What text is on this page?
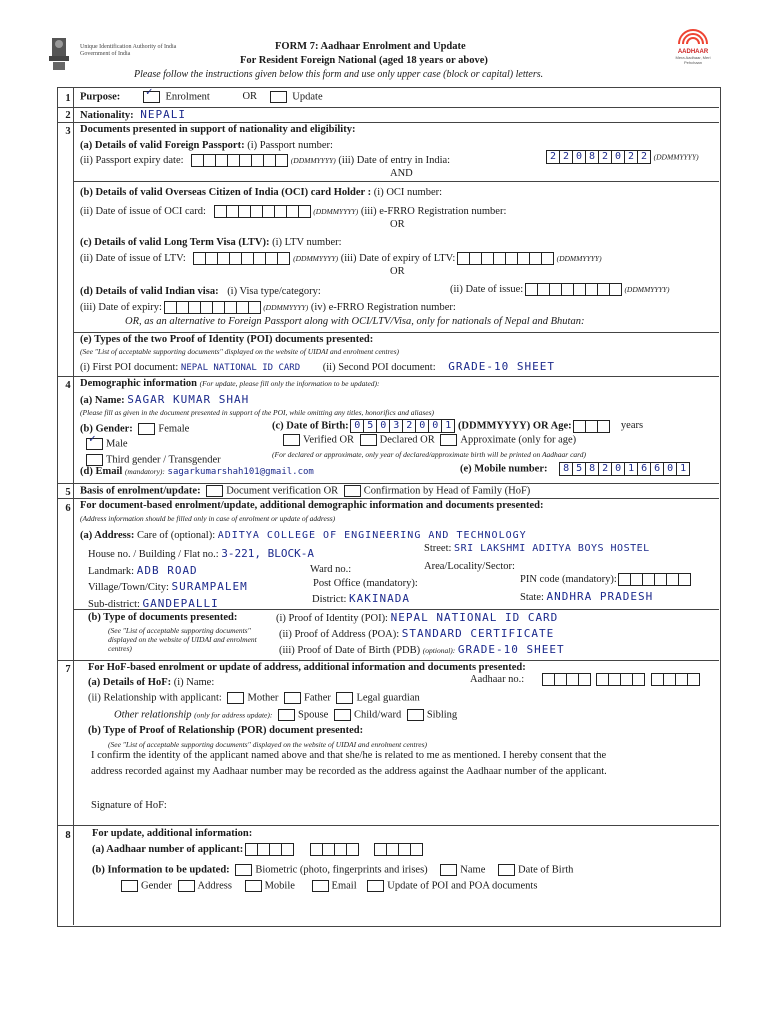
Unique Identification Authority of India
Government of India
FORM 7: Aadhaar Enrolment and Update
For Resident Foreign National (aged 18 years or above)
Please follow the instructions given below this form and use only upper case (block or capital) letters.
AADHAAR
Mera Aadhaar, Meri Pehchaan
1 Purpose: ✓ Enrolment	OR	Update
2 Nationality: NEPALI
3 Documents presented in support of nationality and eligibility:
(a) Details of valid Foreign Passport: (i) Passport number:
(ii) Passport expiry date:	(DDMMYYYY) (iii) Date of entry in India:	2 2 0 8 2 0 2 2 (DDMMYYYY)
AND
(b) Details of valid Overseas Citizen of India (OCI) card Holder : (i) OCI number:
(ii) Date of issue of OCI card:	(DDMMYYYY) (iii) e-FRRO Registration number:
OR
(c) Details of valid Long Term Visa (LTV): (i) LTV number:
(ii) Date of issue of LTV:	(DDMMYYYY) (iii) Date of expiry of LTV:	(DDMMYYYY)
OR
(d) Details of valid Indian visa: (i) Visa type/category:	(ii) Date of issue:	(DDMMYYYY)
(iii) Date of expiry:	(DDMMYYYY) (iv) e-FRRO Registration number:
OR, as an alternative to Foreign Passport along with OCI/LTV/Visa, only for nationals of Nepal and Bhutan:
(e) Types of the two Proof of Identity (POI) documents presented:
(See "List of acceptable supporting documents" displayed on the website of UIDAI and enrolment centres)
(i) First POI document: NEPAL NATIONAL ID CARD (ii) Second POI document: GRADE-10 SHEET
4 Demographic information (For update, please fill only the information to be updated):
(a) Name: SAGAR KUMAR SHAH
(Please fill as given in the document presented in support of the POI, while omitting any titles, honorifics and aliases)
(b) Gender: Female
✓ Male
Third gender / Transgender
(c) Date of Birth: 0 5 0 3 2 0 0 1 (DDMMYYYY) OR Age:	years
Verified OR Declared OR Approximate (only for age)
(For declared or approximate, only year of declared/approximate birth will be printed on Aadhaar card)
(d) Email (mandatory): sagarkumarshah101@gmail.com	(e) Mobile number:	8 5 8 2 0 1 6 6 0 1
5 Basis of enrolment/update: Document verification OR Confirmation by Head of Family (HoF)
6 For document-based enrolment/update, additional demographic information and documents presented:
(Address information should be filled only in case of enrolment or update of address)
(a) Address: Care of (optional): ADITYA COLLEGE OF ENGINEERING AND TECHNOLOGY
House no. / Building / Flat no.: 3-221, BLOCK-A	Street: SRI LAKSHMI ADITYA BOYS HOSTEL
Landmark: ADB ROAD	Ward no.:	Area/Locality/Sector:
Village/Town/City: SURAMPALEM	Post Office (mandatory):	PIN code (mandatory):
Sub-district: GANDEPALLI	District: KAKINADA	State: ANDHRA PRADESH
(b) Type of documents presented:
(See "List of acceptable supporting documents" displayed on the website of UIDAI and enrolment centres)
(i) Proof of Identity (POI): NEPAL NATIONAL ID CARD
(ii) Proof of Address (POA): STANDARD CERTIFICATE
(iii) Proof of Date of Birth (PDB) (optional): GRADE-10 SHEET
7	For HoF-based enrolment or update of address, additional information and documents presented:
(a) Details of HoF: (i) Name:	Aadhaar no.:

(ii) Relationship with applicant: Mother Father Legal guardian
Other relationship (only for address update): Spouse Child/ward Sibling
(b) Type of Proof of Relationship (POR) document presented:
(See "List of acceptable supporting documents" displayed on the website of UIDAI and enrolment centres)
I confirm the identity of the applicant named above and that she/he is related to me as mentioned. I hereby consent that the
address recorded against my Aadhaar number may be recorded as the address against the Aadhaar number of the applicant.
Signature of HoF:
8	For update, additional information:
(a) Aadhaar number of applicant:

(b) Information to be updated: Biometric (photo, fingerprints and irises)	Name	Date of Birth
Gender Address	Mobile	Email	Update of POI and POA documents
